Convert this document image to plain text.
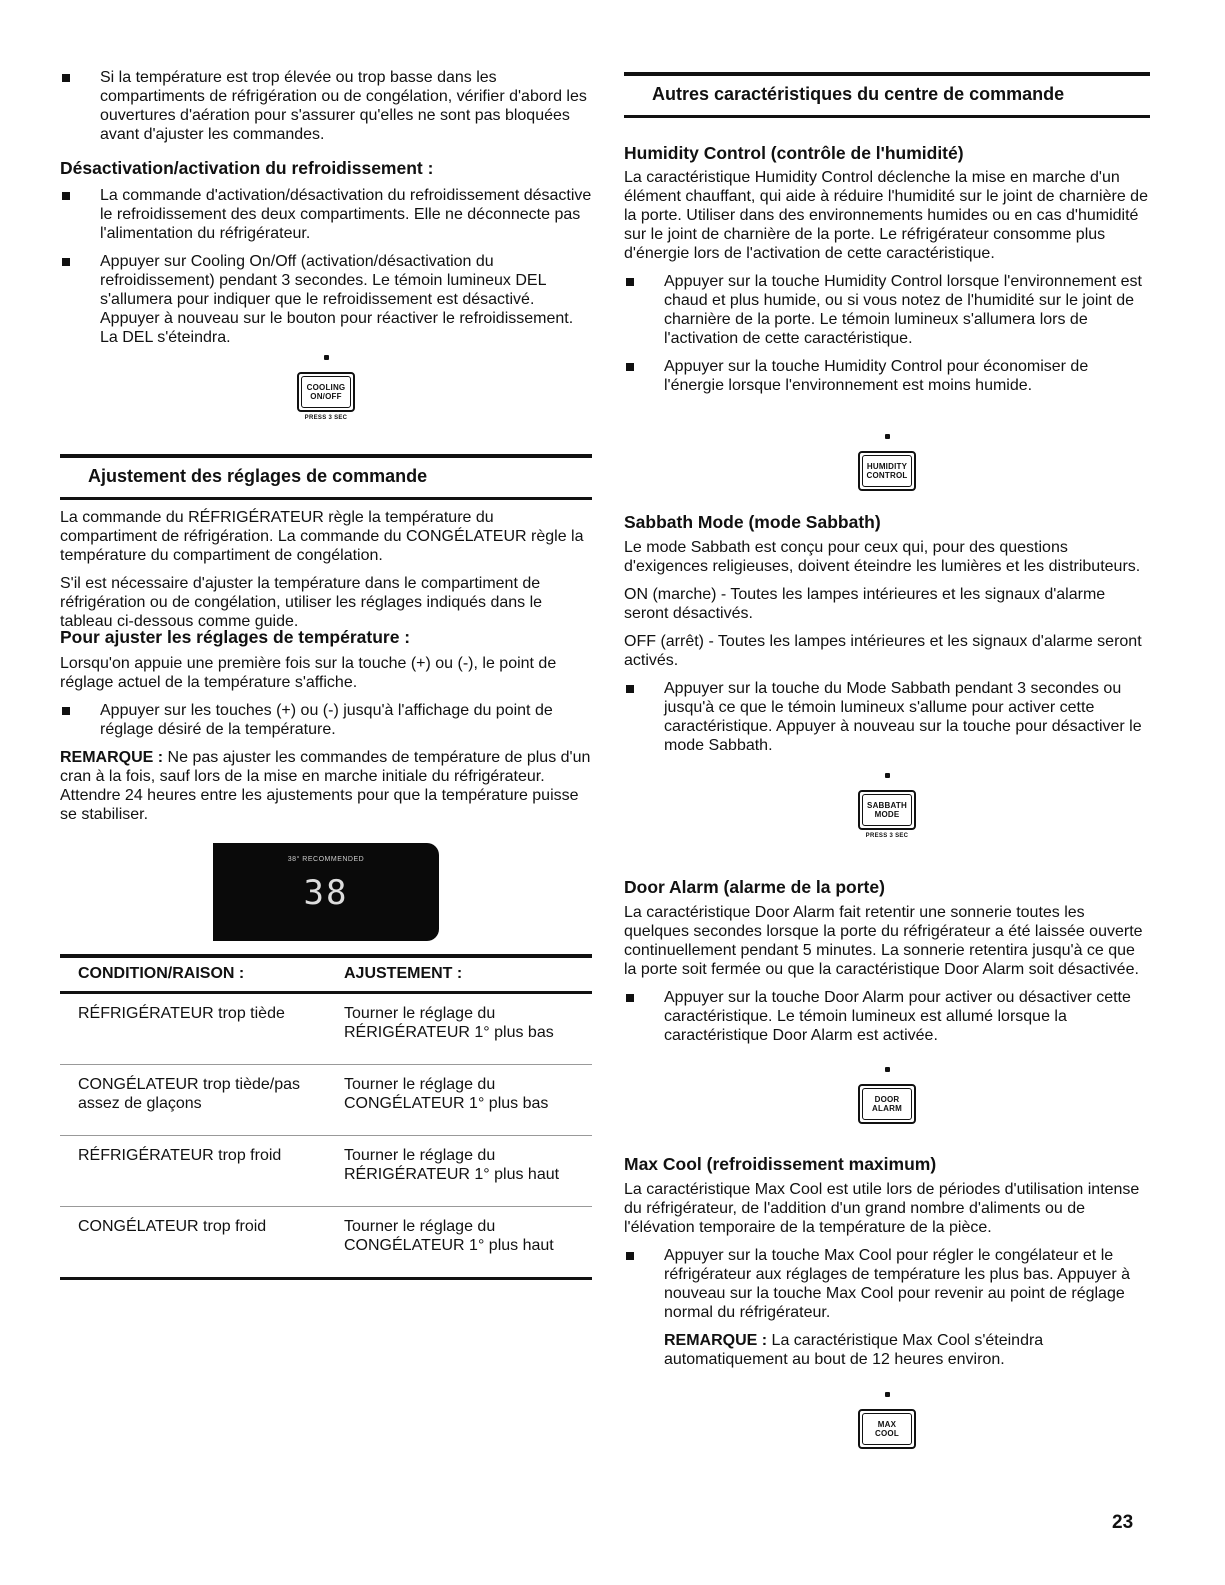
Si la température est trop élevée ou trop basse dans les compartiments de réfrigération ou de congélation, vérifier d'abord les ouvertures d'aération pour s'assurer qu'elles ne sont pas bloquées avant d'ajuster les commandes.
Désactivation/activation du refroidissement :
La commande d'activation/désactivation du refroidissement désactive le refroidissement des deux compartiments. Elle ne déconnecte pas l'alimentation du réfrigérateur.
Appuyer sur Cooling On/Off (activation/désactivation du refroidissement) pendant 3 secondes. Le témoin lumineux DEL s'allumera pour indiquer que le refroidissement est désactivé. Appuyer à nouveau sur le bouton pour réactiver le refroidissement. La DEL s'éteindra.
COOLING
ON/OFF
PRESS 3 SEC
Ajustement des réglages de commande

La commande du RÉFRIGÉRATEUR règle la température du compartiment de réfrigération. La commande du CONGÉLATEUR règle la température du compartiment de congélation.

S'il est nécessaire d'ajuster la température dans le compartiment de réfrigération ou de congélation, utiliser les réglages indiqués dans le tableau ci-dessous comme guide.

Pour ajuster les réglages de température :

Lorsqu'on appuie une première fois sur la touche (+) ou (-), le point de réglage actuel de la température s'affiche.

Appuyer sur les touches (+) ou (-) jusqu'à l'affichage du point de réglage désiré de la température.

REMARQUE : Ne pas ajuster les commandes de température de plus d'un cran à la fois, sauf lors de la mise en marche initiale du réfrigérateur. Attendre 24 heures entre les ajustements pour que la température puisse se stabiliser.

38° RECOMMENDED
38
CONDITION/RAISON :	AJUSTEMENT :
RÉFRIGÉRATEUR trop tiède	Tourner le réglage du RÉRIGÉRATEUR 1° plus bas
CONGÉLATEUR trop tiède/pas assez de glaçons	Tourner le réglage du CONGÉLATEUR 1° plus bas
RÉFRIGÉRATEUR trop froid	Tourner le réglage du RÉRIGÉRATEUR 1° plus haut
CONGÉLATEUR trop froid	Tourner le réglage du CONGÉLATEUR 1° plus haut
Autres caractéristiques du centre de commande
Humidity Control (contrôle de l'humidité)

La caractéristique Humidity Control déclenche la mise en marche d'un élément chauffant, qui aide à réduire l'humidité sur le joint de charnière de la porte. Utiliser dans des environnements humides ou en cas d'humidité sur le joint de charnière de la porte. Le réfrigérateur consomme plus d'énergie lors de l'activation de cette caractéristique.

Appuyer sur la touche Humidity Control lorsque l'environnement est chaud et plus humide, ou si vous notez de l'humidité sur le joint de charnière de la porte. Le témoin lumineux s'allumera lors de l'activation de cette caractéristique.
Appuyer sur la touche Humidity Control pour économiser de l'énergie lorsque l'environnement est moins humide.
HUMIDITY
CONTROL
Sabbath Mode (mode Sabbath)

Le mode Sabbath est conçu pour ceux qui, pour des questions d'exigences religieuses, doivent éteindre les lumières et les distributeurs.

ON (marche) - Toutes les lampes intérieures et les signaux d'alarme seront désactivés.

OFF (arrêt) - Toutes les lampes intérieures et les signaux d'alarme seront activés.

Appuyer sur la touche du Mode Sabbath pendant 3 secondes ou jusqu'à ce que le témoin lumineux s'allume pour activer cette caractéristique. Appuyer à nouveau sur la touche pour désactiver le mode Sabbath.
SABBATH
MODE
PRESS 3 SEC
Door Alarm (alarme de la porte)

La caractéristique Door Alarm fait retentir une sonnerie toutes les quelques secondes lorsque la porte du réfrigérateur a été laissée ouverte continuellement pendant 5 minutes. La sonnerie retentira jusqu'à ce que la porte soit fermée ou que la caractéristique Door Alarm soit désactivée.

Appuyer sur la touche Door Alarm pour activer ou désactiver cette caractéristique. Le témoin lumineux est allumé lorsque la caractéristique Door Alarm est activée.
DOOR
ALARM
Max Cool (refroidissement maximum)

La caractéristique Max Cool est utile lors de périodes d'utilisation intense du réfrigérateur, de l'addition d'un grand nombre d'aliments ou de l'élévation temporaire de la température de la pièce.

Appuyer sur la touche Max Cool pour régler le congélateur et le réfrigérateur aux réglages de température les plus bas. Appuyer à nouveau sur la touche Max Cool pour revenir au point de réglage normal du réfrigérateur.

REMARQUE : La caractéristique Max Cool s'éteindra automatiquement au bout de 12 heures environ.

MAX
COOL
23
